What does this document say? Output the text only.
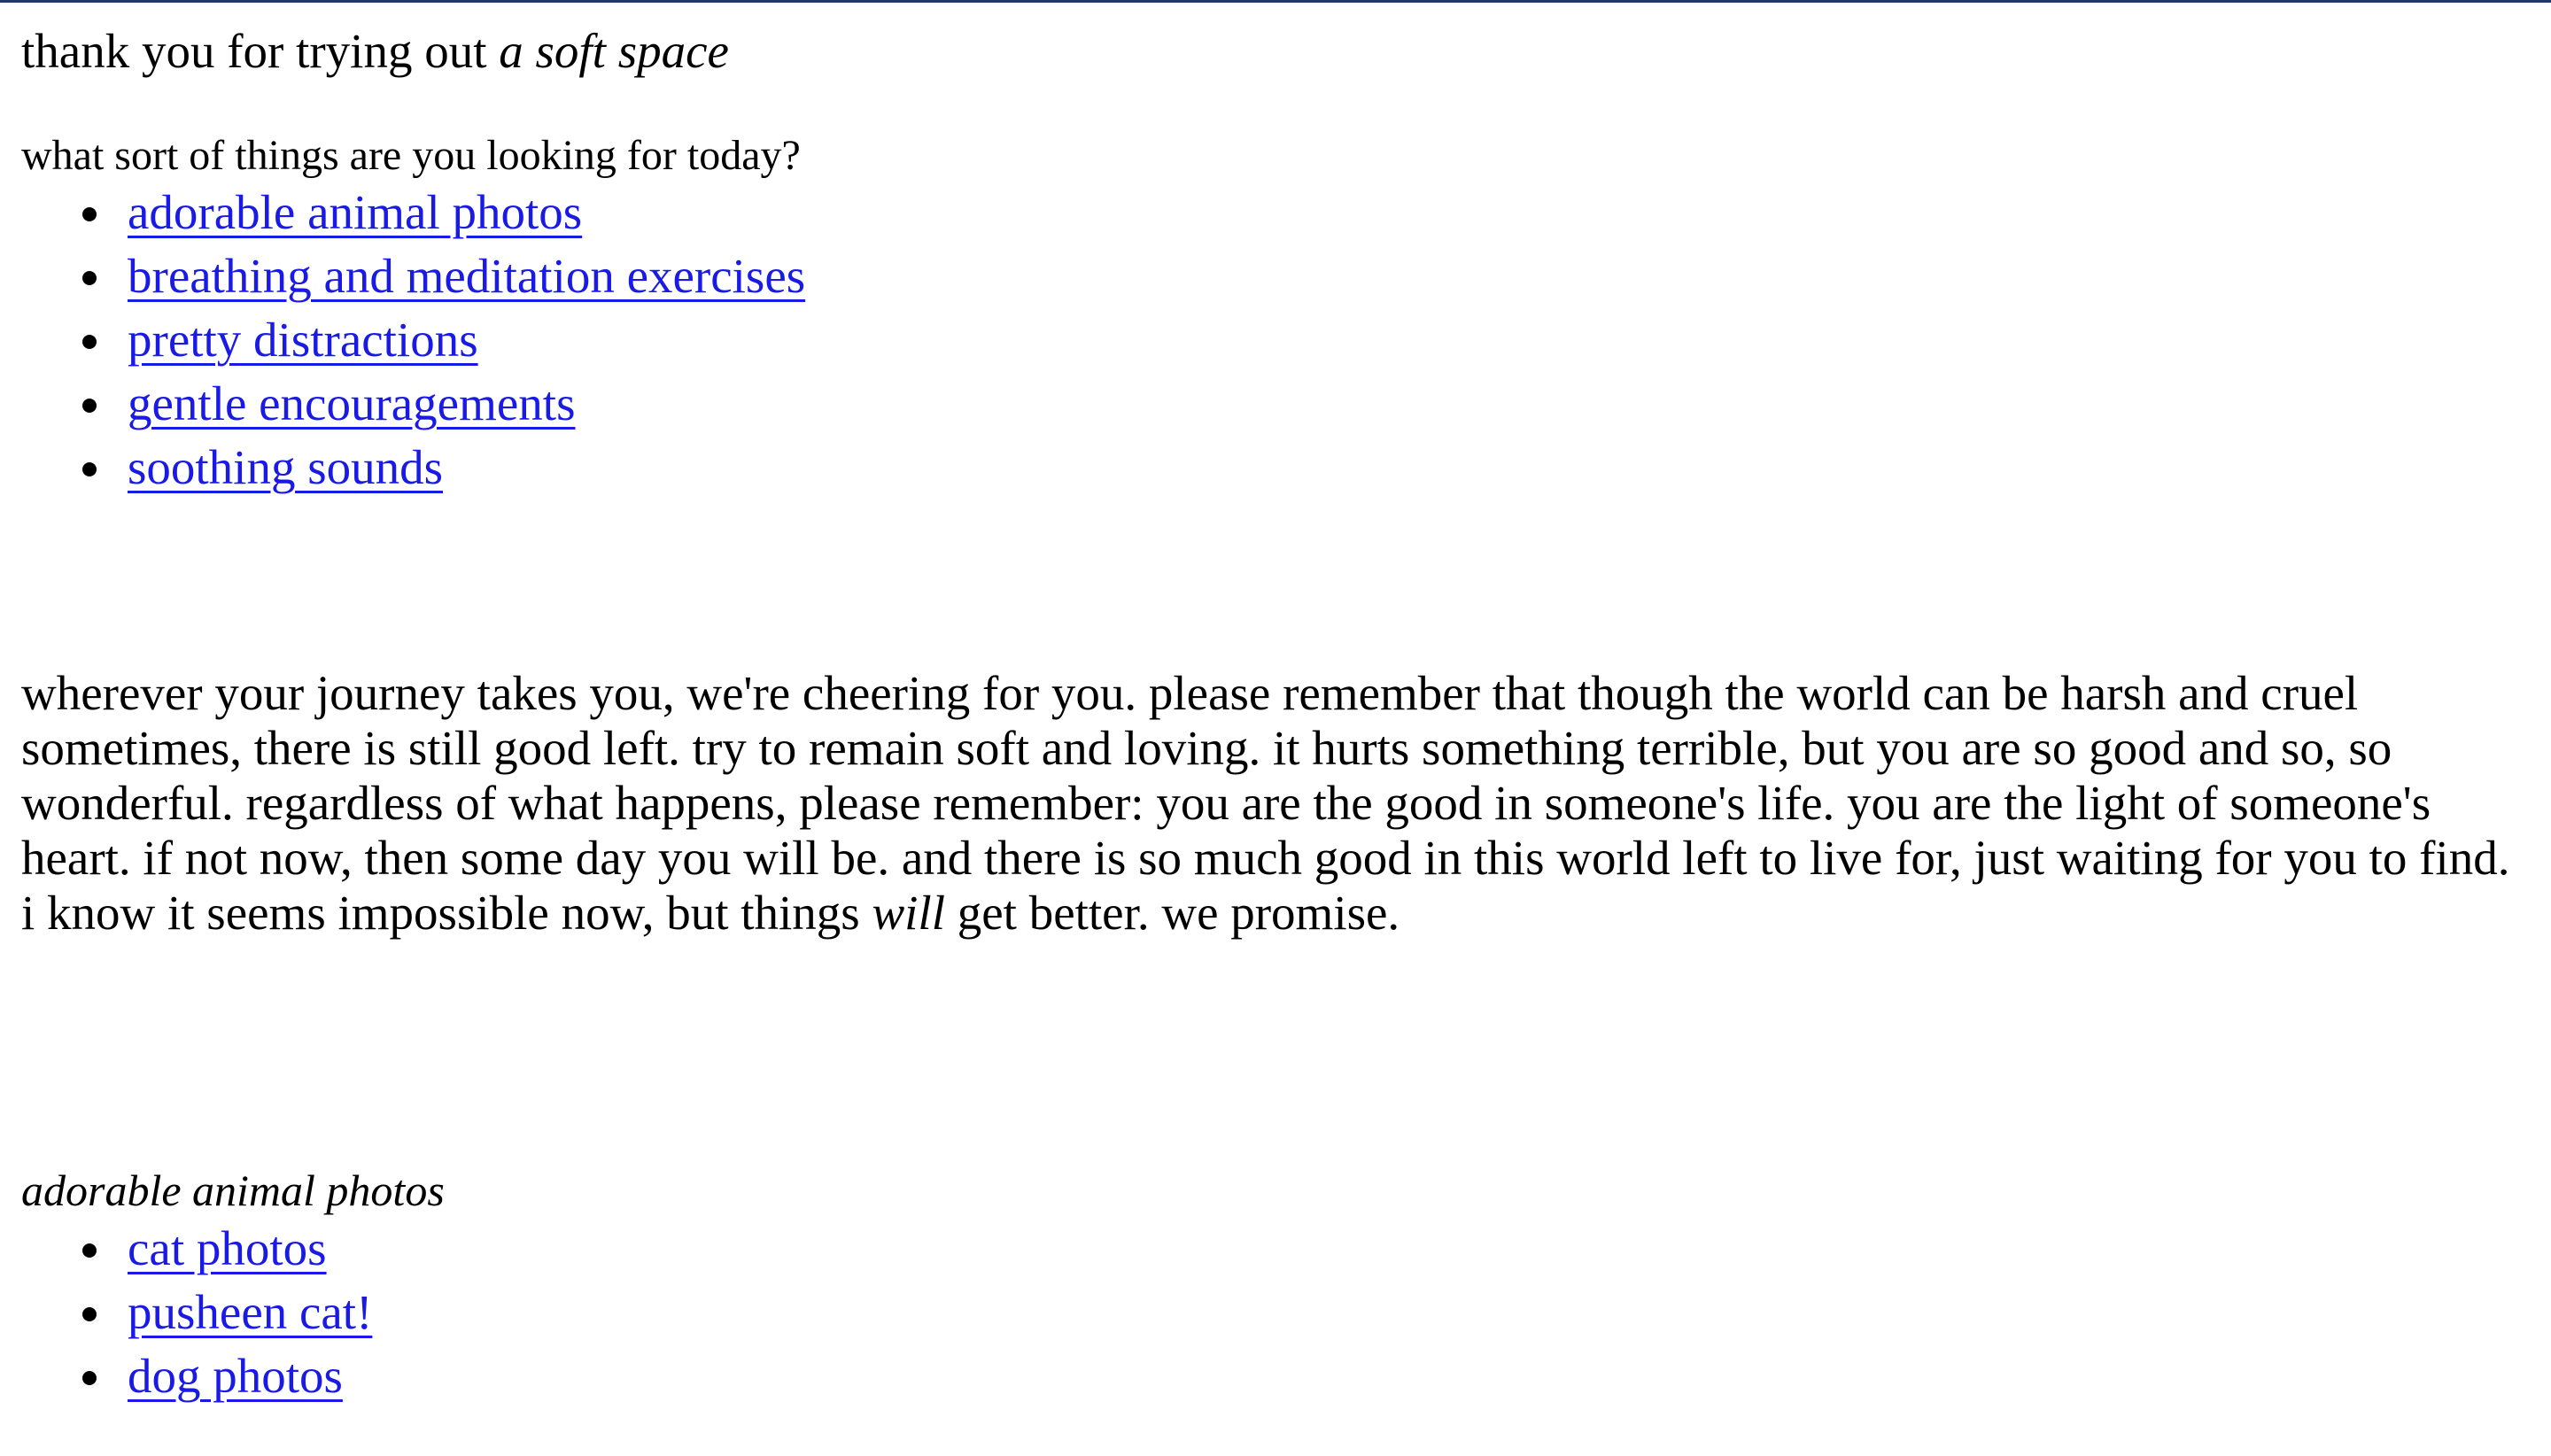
thank you for trying out a soft space

what sort of things are you looking for today?

adorable animal photos
breathing and meditation exercises
pretty distractions
gentle encouragements
soothing sounds

wherever your journey takes you, we're cheering for you. please remember that though the world can be harsh and cruel sometimes, there is still good left. try to remain soft and loving. it hurts something terrible, but you are so good and so, so wonderful. regardless of what happens, please remember: you are the good in someone's life. you are the light of someone's heart. if not now, then some day you will be. and there is so much good in this world left to live for, just waiting for you to find. i know it seems impossible now, but things will get better. we promise.

adorable animal photos

cat photos
pusheen cat!
dog photos
